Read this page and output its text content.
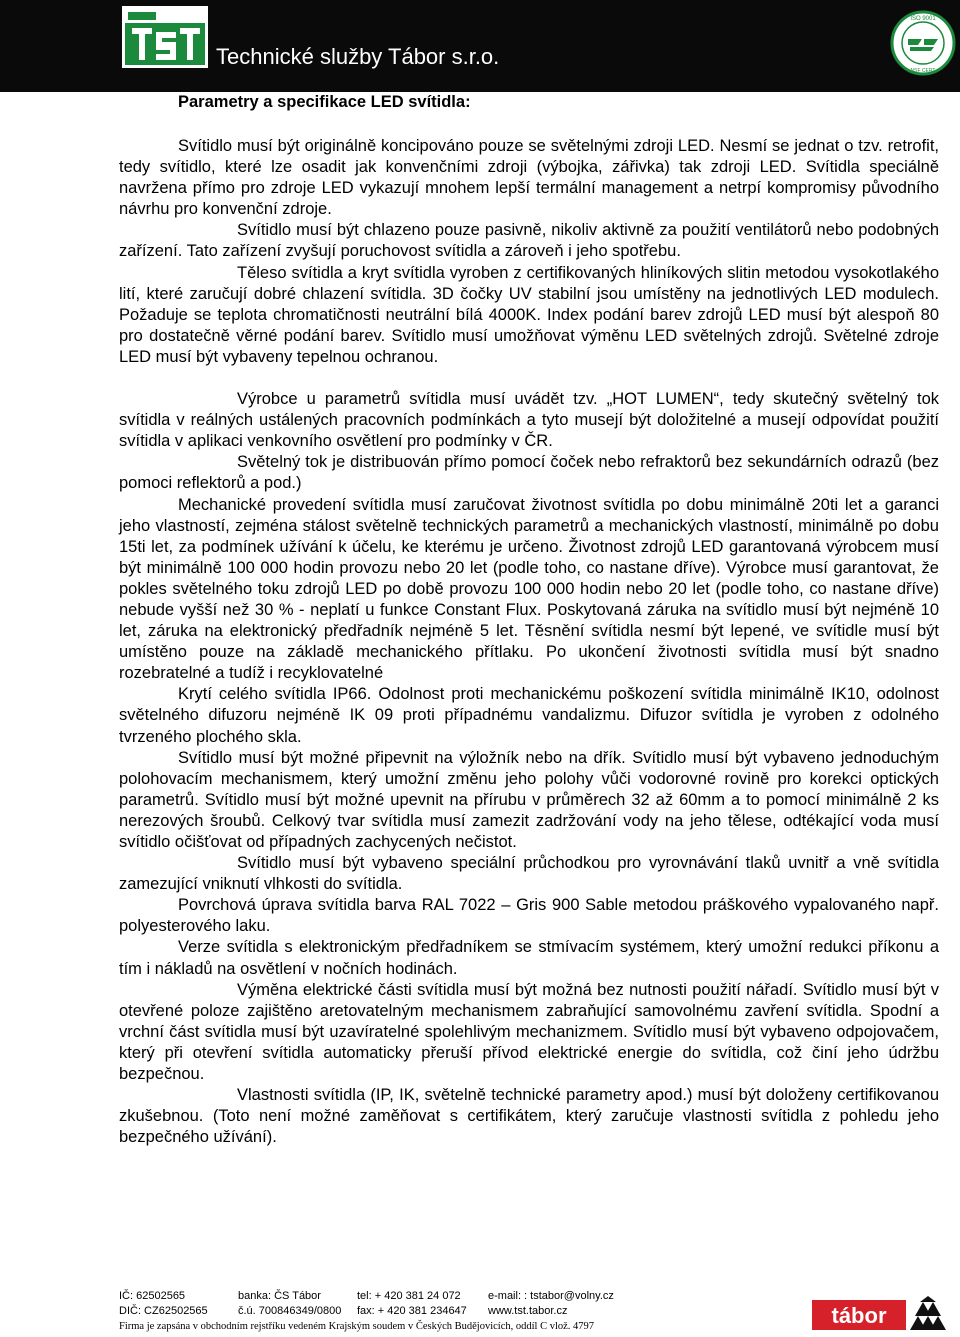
Technické služby Tábor s.r.o.
ISO 9001
NSF CERT
Parametry a specifikace LED svítidla:

Svítidlo musí být originálně koncipováno pouze se světelnými zdroji LED. Nesmí se jednat o tzv. retrofit, tedy svítidlo, které lze osadit jak konvenčními zdroji (výbojka, zářivka) tak zdroji LED. Svítidla speciálně navržena přímo pro zdroje LED vykazují mnohem lepší termální management a netrpí kompromisy původního návrhu pro konvenční zdroje.

Svítidlo musí být chlazeno pouze pasivně, nikoliv aktivně za použití ventilátorů nebo podobných zařízení. Tato zařízení zvyšují poruchovost svítidla a zároveň i jeho spotřebu.

Těleso svítidla a kryt svítidla vyroben z certifikovaných hliníkových slitin metodou vysokotlakého lití, které zaručují dobré chlazení svítidla. 3D čočky UV stabilní jsou umístěny na jednotlivých LED modulech. Požaduje se teplota chromatičnosti neutrální bílá 4000K. Index podání barev zdrojů LED musí být alespoň 80 pro dostatečně věrné podání barev. Svítidlo musí umožňovat výměnu LED světelných zdrojů. Světelné zdroje LED musí být vybaveny tepelnou ochranou.

Výrobce u parametrů svítidla musí uvádět tzv. „HOT LUMEN“, tedy skutečný světelný tok svítidla v reálných ustálených pracovních podmínkách a tyto musejí být doložitelné a musejí odpovídat použití svítidla v aplikaci venkovního osvětlení pro podmínky v ČR.

Světelný tok je distribuován přímo pomocí čoček nebo refraktorů bez sekundárních odrazů (bez pomoci reflektorů a pod.)

Mechanické provedení svítidla musí zaručovat životnost svítidla po dobu minimálně 20ti let a garanci jeho vlastností, zejména stálost světelně technických parametrů a mechanických vlastností, minimálně po dobu 15ti let, za podmínek užívání k účelu, ke kterému je určeno. Životnost zdrojů LED garantovaná výrobcem musí být minimálně 100 000 hodin provozu nebo 20 let (podle toho, co nastane dříve). Výrobce musí garantovat, že pokles světelného toku zdrojů LED po době provozu 100 000 hodin nebo 20 let (podle toho, co nastane dříve) nebude vyšší než 30 % - neplatí u funkce Constant Flux. Poskytovaná záruka na svítidlo musí být nejméně 10 let, záruka na elektronický předřadník nejméně 5 let. Těsnění svítidla nesmí být lepené, ve svítidle musí být umístěno pouze na základě mechanického přítlaku. Po ukončení životnosti svítidla musí být snadno rozebratelné a tudíž i recyklovatelné

Krytí celého svítidla IP66. Odolnost proti mechanickému poškození svítidla minimálně IK10, odolnost světelného difuzoru nejméně IK 09 proti případnému vandalizmu. Difuzor svítidla je vyroben z odolného tvrzeného plochého skla.

Svítidlo musí být možné připevnit na výložník nebo na dřík. Svítidlo musí být vybaveno jednoduchým polohovacím mechanismem, který umožní změnu jeho polohy vůči vodorovné rovině pro korekci optických parametrů. Svítidlo musí být možné upevnit na přírubu v průměrech 32 až 60mm a to pomocí minimálně 2 ks nerezových šroubů. Celkový tvar svítidla musí zamezit zadržování vody na jeho tělese, odtékající voda musí svítidlo očišťovat od případných zachycených nečistot.

Svítidlo musí být vybaveno speciální průchodkou pro vyrovnávání tlaků uvnitř a vně svítidla zamezující vniknutí vlhkosti do svítidla.

Povrchová úprava svítidla barva RAL 7022 – Gris 900 Sable metodou práškového vypalovaného např. polyesterového laku.

Verze svítidla s elektronickým předřadníkem se stmívacím systémem, který umožní redukci příkonu a tím i nákladů na osvětlení v nočních hodinách.

Výměna elektrické části svítidla musí být možná bez nutnosti použití nářadí. Svítidlo musí být v otevřené poloze zajištěno aretovatelným mechanismem zabraňující samovolnému zavření svítidla. Spodní a vrchní část svítidla musí být uzavíratelné spolehlivým mechanizmem. Svítidlo musí být vybaveno odpojovačem, který při otevření svítidla automaticky přeruší přívod elektrické energie do svítidla, což činí jeho údržbu bezpečnou.

Vlastnosti svítidla (IP, IK, světelně technické parametry apod.) musí být doloženy certifikovanou zkušebnou. (Toto není možné zaměňovat s certifikátem, který zaručuje vlastnosti svítidla z pohledu jeho bezpečného užívání).

IČ: 62502565
DIČ: CZ62502565
banka: ČS Tábor
č.ú. 700846349/0800
tel: + 420 381 24 072
fax: + 420 381 234647
e-mail: : tstabor@volny.cz
www.tst.tabor.cz
Firma je zapsána v obchodním rejstříku vedeném Krajským soudem v Českých Budějovicích, oddíl C vlož. 4797	tábor
